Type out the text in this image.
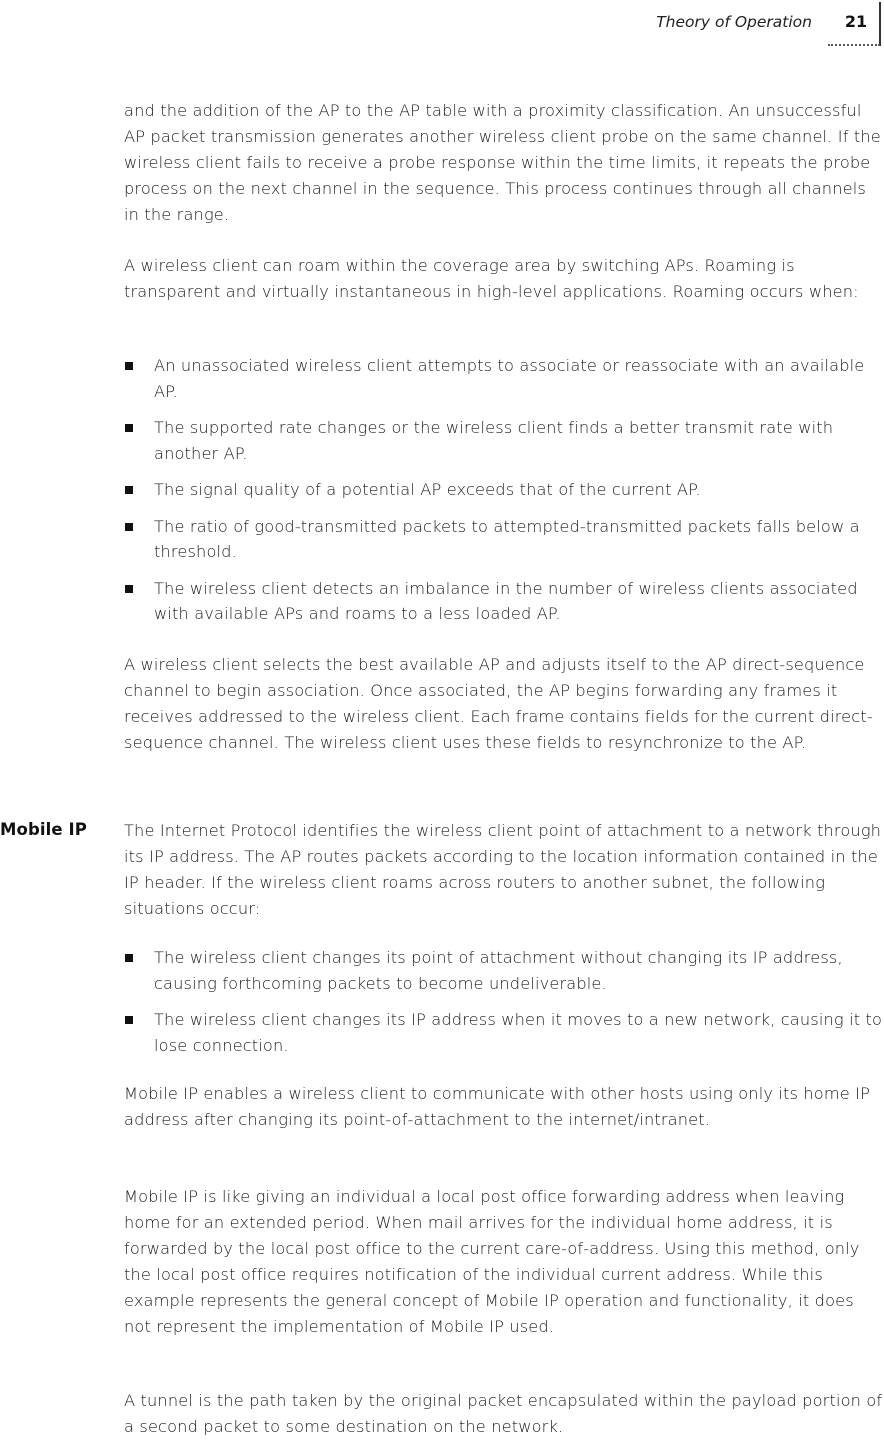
Theory of Operation	21

and the addition of the AP to the AP table with a proximity classification. An unsuccessful AP packet transmission generates another wireless client probe on the same channel. If the wireless client fails to receive a probe response within the time limits, it repeats the probe process on the next channel in the sequence. This process continues through all channels in the range.

A wireless client can roam within the coverage area by switching APs. Roaming is transparent and virtually instantaneous in high-level applications. Roaming occurs when:

An unassociated wireless client attempts to associate or reassociate with an available AP.
The supported rate changes or the wireless client finds a better transmit rate with another AP.
The signal quality of a potential AP exceeds that of the current AP.
The ratio of good-transmitted packets to attempted-transmitted packets falls below a threshold.
The wireless client detects an imbalance in the number of wireless clients associated with available APs and roams to a less loaded AP.

A wireless client selects the best available AP and adjusts itself to the AP direct-sequence channel to begin association. Once associated, the AP begins forwarding any frames it receives addressed to the wireless client. Each frame contains fields for the current direct-sequence channel. The wireless client uses these fields to resynchronize to the AP.

Mobile IP The Internet Protocol identifies the wireless client point of attachment to a network through its IP address. The AP routes packets according to the location information contained in the IP header. If the wireless client roams across routers to another subnet, the following situations occur:

The wireless client changes its point of attachment without changing its IP address, causing forthcoming packets to become undeliverable.
The wireless client changes its IP address when it moves to a new network, causing it to lose connection.

Mobile IP enables a wireless client to communicate with other hosts using only its home IP address after changing its point-of-attachment to the internet/intranet.

Mobile IP is like giving an individual a local post office forwarding address when leaving home for an extended period. When mail arrives for the individual home address, it is forwarded by the local post office to the current care-of-address. Using this method, only the local post office requires notification of the individual current address. While this example represents the general concept of Mobile IP operation and functionality, it does not represent the implementation of Mobile IP used.

A tunnel is the path taken by the original packet encapsulated within the payload portion of a second packet to some destination on the network.
